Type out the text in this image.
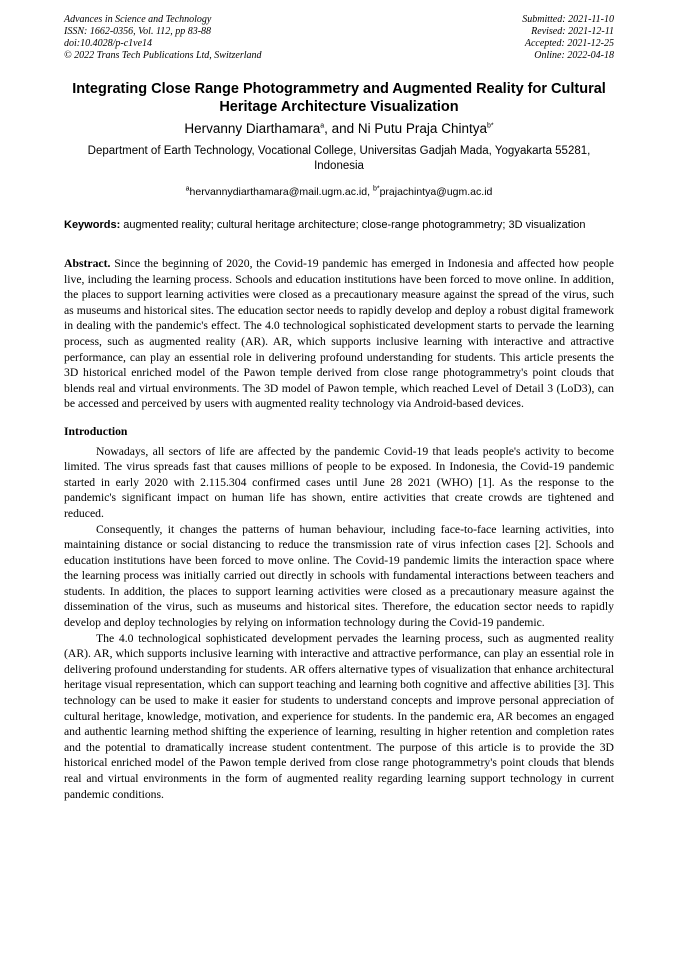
Advances in Science and Technology
ISSN: 1662-0356, Vol. 112, pp 83-88
doi:10.4028/p-c1ve14
© 2022 Trans Tech Publications Ltd, Switzerland
Submitted: 2021-11-10
Revised: 2021-12-11
Accepted: 2021-12-25
Online: 2022-04-18
Integrating Close Range Photogrammetry and Augmented Reality for Cultural Heritage Architecture Visualization
Hervanny Diarthamara$^a$, and Ni Putu Praja Chintya$^{b*}$
Department of Earth Technology, Vocational College, Universitas Gadjah Mada, Yogyakarta 55281, Indonesia
$^a$hervannydiarthamara@mail.ugm.ac.id, $^{b*}$prajachintya@ugm.ac.id
Keywords: augmented reality; cultural heritage architecture; close-range photogrammetry; 3D visualization
Abstract. Since the beginning of 2020, the Covid-19 pandemic has emerged in Indonesia and affected how people live, including the learning process. Schools and education institutions have been forced to move online. In addition, the places to support learning activities were closed as a precautionary measure against the spread of the virus, such as museums and historical sites. The education sector needs to rapidly develop and deploy a robust digital framework in dealing with the pandemic's effect. The 4.0 technological sophisticated development starts to pervade the learning process, such as augmented reality (AR). AR, which supports inclusive learning with interactive and attractive performance, can play an essential role in delivering profound understanding for students. This article presents the 3D historical enriched model of the Pawon temple derived from close range photogrammetry's point clouds that blends real and virtual environments. The 3D model of Pawon temple, which reached Level of Detail 3 (LoD3), can be accessed and perceived by users with augmented reality technology via Android-based devices.
Introduction

Nowadays, all sectors of life are affected by the pandemic Covid-19 that leads people's activity to become limited. The virus spreads fast that causes millions of people to be exposed. In Indonesia, the Covid-19 pandemic started in early 2020 with 2.115.304 confirmed cases until June 28 2021 (WHO) [1]. As the response to the pandemic's significant impact on human life has shown, entire activities that create crowds are tightened and reduced.

Consequently, it changes the patterns of human behaviour, including face-to-face learning activities, into maintaining distance or social distancing to reduce the transmission rate of virus infection cases [2]. Schools and education institutions have been forced to move online. The Covid-19 pandemic limits the interaction space where the learning process was initially carried out directly in schools with fundamental interactions between teachers and students. In addition, the places to support learning activities were closed as a precautionary measure against the dissemination of the virus, such as museums and historical sites. Therefore, the education sector needs to rapidly develop and deploy technologies by relying on information technology during the Covid-19 pandemic.

The 4.0 technological sophisticated development pervades the learning process, such as augmented reality (AR). AR, which supports inclusive learning with interactive and attractive performance, can play an essential role in delivering profound understanding for students. AR offers alternative types of visualization that enhance architectural heritage visual representation, which can support teaching and learning both cognitive and affective abilities [3]. This technology can be used to make it easier for students to understand concepts and improve personal appreciation of cultural heritage, knowledge, motivation, and experience for students. In the pandemic era, AR becomes an engaged and authentic learning method shifting the experience of learning, resulting in higher retention and completion rates and the potential to dramatically increase student contentment. The purpose of this article is to provide the 3D historical enriched model of the Pawon temple derived from close range photogrammetry's point clouds that blends real and virtual environments in the form of augmented reality regarding learning support technology in current pandemic conditions.
